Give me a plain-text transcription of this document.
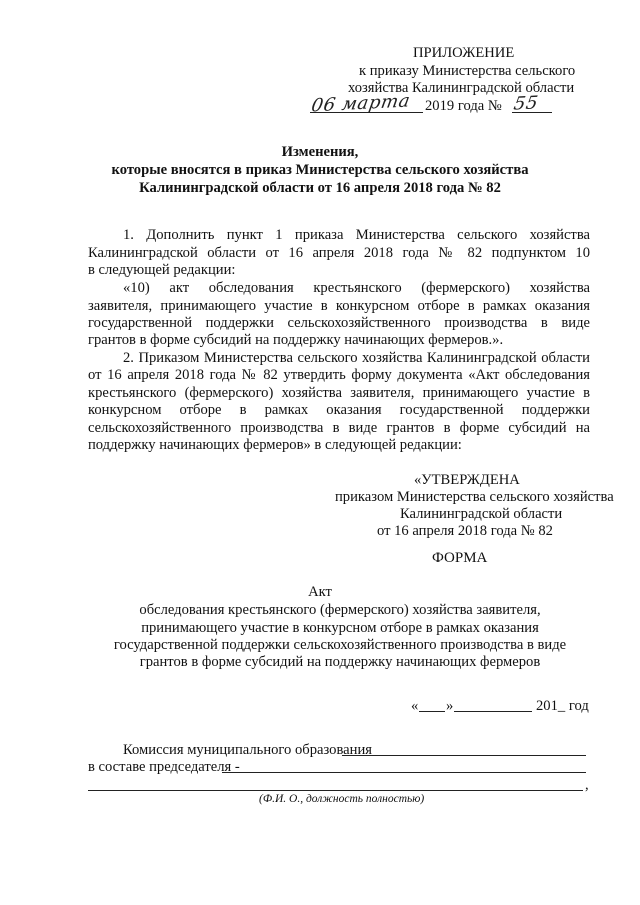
ПРИЛОЖЕНИЕ
к приказу Министерства сельского
хозяйства Калининградской области
06 марта 2019 года № 55
Изменения,
которые вносятся в приказ Министерства сельского хозяйства
Калининградской области от 16 апреля 2018 года № 82
1. Дополнить пункт 1 приказа Министерства сельского хозяйства
Калининградской области от 16 апреля 2018 года № 82 подпунктом 10
в следующей редакции:
«10) акт обследования крестьянского (фермерского) хозяйства
заявителя, принимающего участие в конкурсном отборе в рамках оказания
государственной поддержки сельскохозяйственного производства в виде
грантов в форме субсидий на поддержку начинающих фермеров.».
2. Приказом Министерства сельского хозяйства Калининградской области
от 16 апреля 2018 года № 82 утвердить форму документа «Акт обследования
крестьянского (фермерского) хозяйства заявителя, принимающего участие в
конкурсном отборе в рамках оказания государственной поддержки
сельскохозяйственного производства в виде грантов в форме субсидий на
поддержку начинающих фермеров» в следующей редакции:
«УТВЕРЖДЕНА
приказом Министерства сельского хозяйства
Калининградской области
от 16 апреля 2018 года № 82
ФОРМА
Акт
обследования крестьянского (фермерского) хозяйства заявителя,
принимающего участие в конкурсном отборе в рамках оказания
государственной поддержки сельскохозяйственного производства в виде
грантов в форме субсидий на поддержку начинающих фермеров
« »	201_ год
Комиссия муниципального образования
в составе председателя -
,
(Ф.И. О., должность полностью)
